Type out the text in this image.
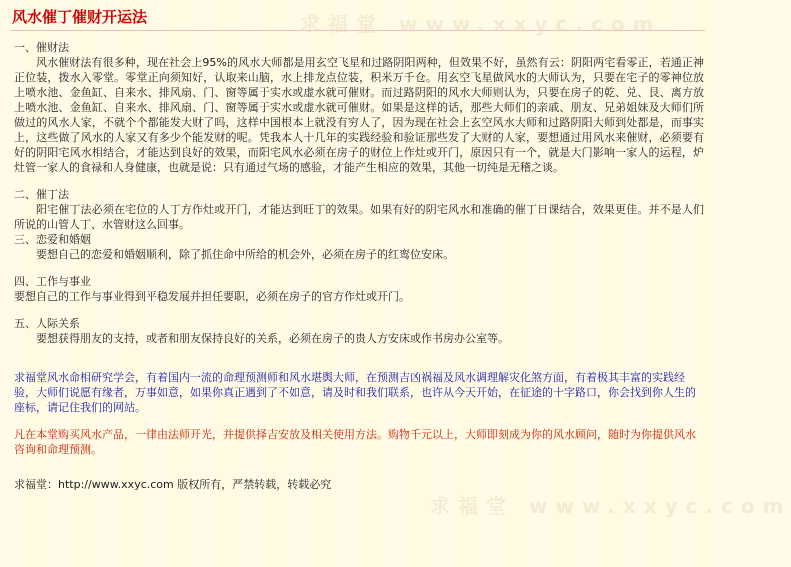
求福堂 www.xxyc.com
求福堂 www.xxyc.com
风水催丁催财开运法
一、催财法
风水催财法有很多种，现在社会上95%的风水大师都是用玄空飞星和过路阴阳两种，但效果不好，虽然有云：阴阳两宅看零正，若通正神正位装，拨水入零堂。零堂正向须知好，认取来山脑，水上排龙点位装，积米万千仓。用玄空飞星做风水的大师认为，只要在宅子的零神位放上喷水池、金鱼缸、自来水、排风扇、门、窗等属于实水或虚水就可催财。而过路阴阳的风水大师则认为，只要在房子的乾、兑、艮、离方放上喷水池、金鱼缸、自来水、排风扇、门、窗等属于实水或虚水就可催财。如果是这样的话，那些大师们的亲戚、朋友、兄弟姐妹及大师们所做过的风水人家，不就个个都能发大财了吗，这样中国根本上就没有穷人了，因为现在社会上玄空风水大师和过路阴阳大师到处都是，而事实上，这些做了风水的人家又有多少个能发财的呢。凭我本人十几年的实践经验和验证那些发了大财的人家，要想通过用风水来催财，必须要有好的阴阳宅风水相结合，才能达到良好的效果，而阳宅风水必须在房子的财位上作灶或开门，原因只有一个，就是大门影响一家人的运程，炉灶管一家人的食禄和人身健康，也就是说：只有通过气场的感验，才能产生相应的效果，其他一切纯是无稽之谈。
二、催丁法
阳宅催丁法必须在宅位的人丁方作灶或开门，才能达到旺丁的效果。如果有好的阴宅风水和准确的催丁日课结合，效果更佳。并不是人们所说的山管人丁、水管财这么回事。
三、恋爱和婚姻
要想自己的恋爱和婚姻顺利，除了抓住命中所给的机会外，必须在房子的红鸾位安床。
四、工作与事业
要想自己的工作与事业得到平稳发展并担任要职，必须在房子的官方作灶或开门。
五、人际关系
要想获得朋友的支持，或者和朋友保持良好的关系，必须在房子的贵人方安床或作书房办公室等。
求福堂风水命相研究学会，有着国内一流的命理预测师和风水堪舆大师，在预测吉凶祸福及风水调理解灾化煞方面，有着极其丰富的实践经验，大师们说愿有缘者，万事如意，如果你真正遇到了不如意，请及时和我们联系，也许从今天开始，在征途的十字路口，你会找到你人生的座标，请记住我们的网站。
凡在本堂购买风水产品，一律由法师开光，并提供择吉安放及相关使用方法。购物千元以上，大师即刻成为你的风水顾问，随时为你提供风水咨询和命理预测。
求福堂：http://www.xxyc.com 版权所有，严禁转载，转载必究
